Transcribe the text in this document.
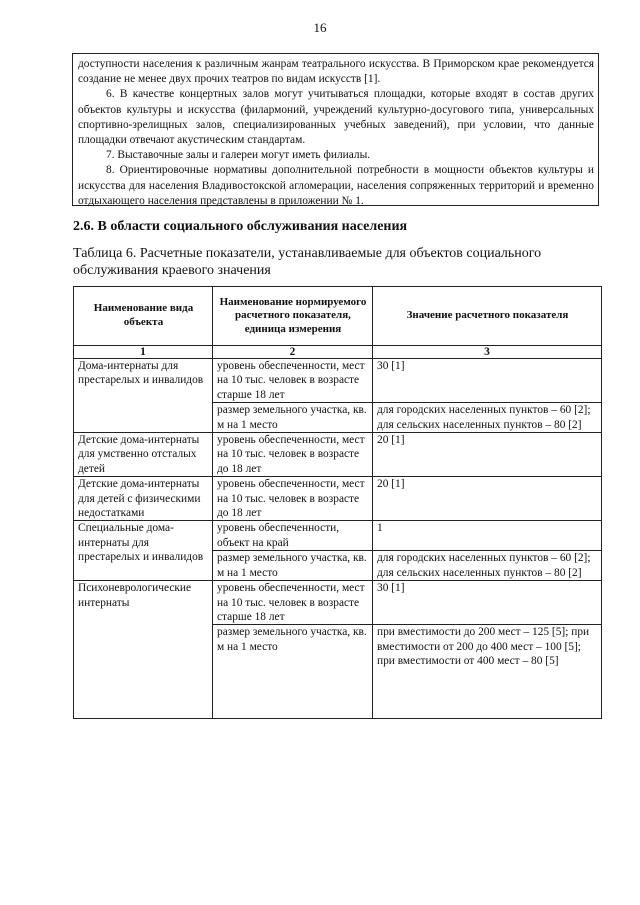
16

доступности населения к различным жанрам театрального искусства. В Приморском крае рекомендуется создание не менее двух прочих театров по видам искусств [1].

6. В качестве концертных залов могут учитываться площадки, которые входят в состав других объектов культуры и искусства (филармоний, учреждений культурно-досугового типа, универсальных спортивно-зрелищных залов, специализированных учебных заведений), при условии, что данные площадки отвечают акустическим стандартам.

7. Выставочные залы и галереи могут иметь филиалы.

8. Ориентировочные нормативы дополнительной потребности в мощности объектов культуры и искусства для населения Владивостокской агломерации, населения сопряженных территорий и временно отдыхающего населения представлены в приложении № 1.

2.6. В области социального обслуживания населения
Таблица 6. Расчетные показатели, устанавливаемые для объектов социального обслуживания краевого значения
Наименование вида объекта	Наименование нормируемого расчетного показателя, единица измерения	Значение расчетного показателя
1	2	3
Дома-интернаты для престарелых и инвалидов	уровень обеспеченности, мест на 10 тыс. человек в возрасте старше 18 лет	30 [1]
	размер земельного участка, кв. м на 1 место	для городских населенных пунктов – 60 [2]; для сельских населенных пунктов – 80 [2]
Детские дома-интернаты для умственно отсталых детей	уровень обеспеченности, мест на 10 тыс. человек в возрасте до 18 лет	20 [1]
Детские дома-интернаты для детей с физическими недостатками	уровень обеспеченности, мест на 10 тыс. человек в возрасте до 18 лет	20 [1]
Специальные дома-интернаты для престарелых и инвалидов	уровень обеспеченности, объект на край	1
	размер земельного участка, кв. м на 1 место	для городских населенных пунктов – 60 [2]; для сельских населенных пунктов – 80 [2]
Психоневрологические интернаты	уровень обеспеченности, мест на 10 тыс. человек в возрасте старше 18 лет	30 [1]
	размер земельного участка, кв. м на 1 место	при вместимости до 200 мест – 125 [5]; при вместимости от 200 до 400 мест – 100 [5]; при вместимости от 400 мест – 80 [5]
